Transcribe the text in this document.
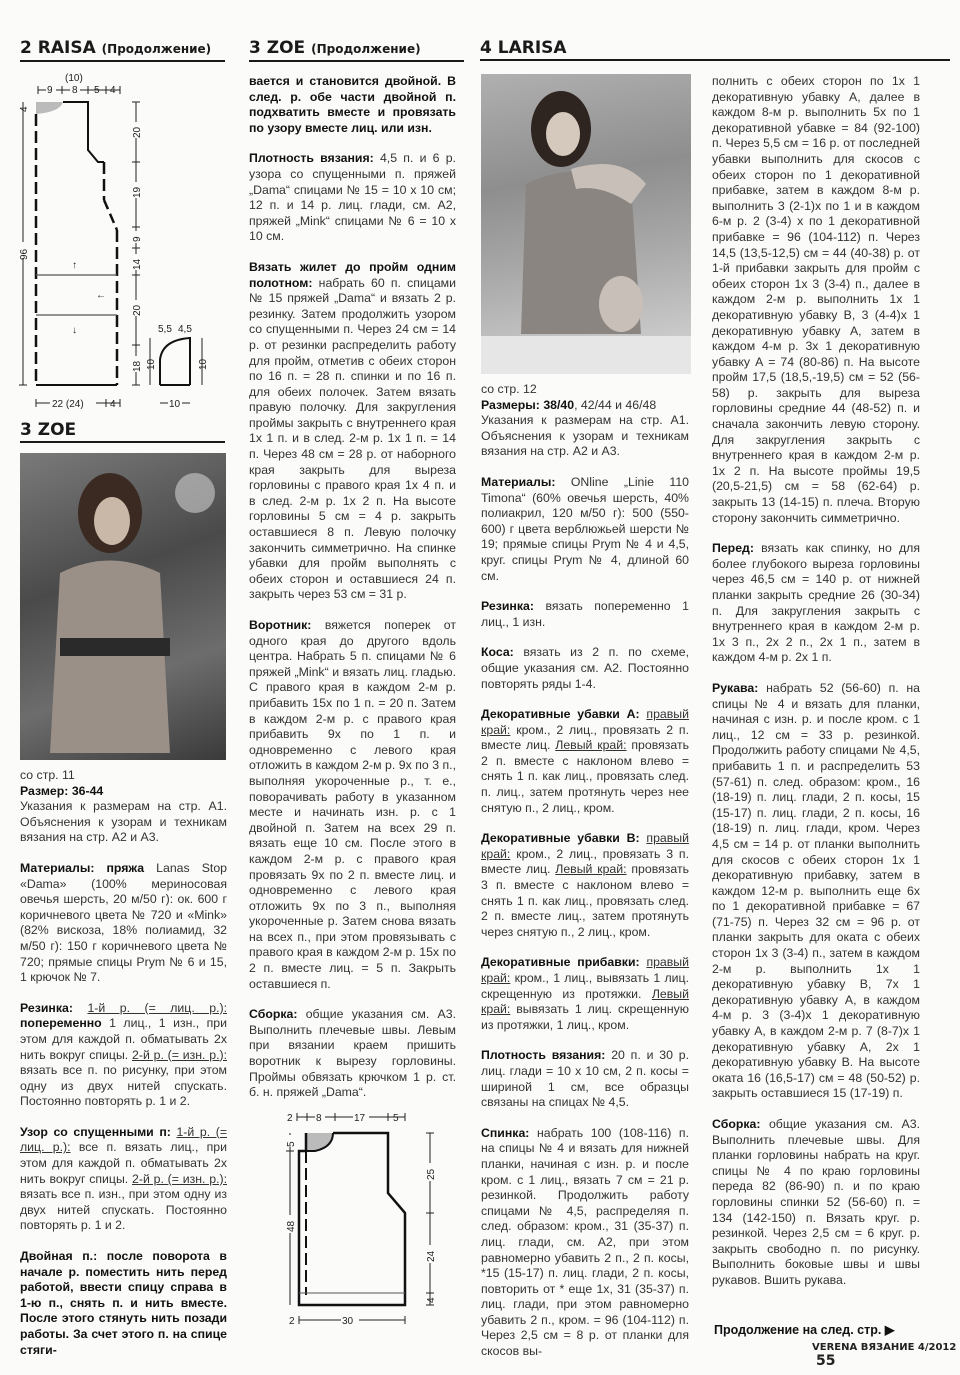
2 RAISA (Продолжение)	3 ZOE (Продолжение)	4 LARISA
3 ZOE
9 8 5 4
(10)
↑
←
↓
4
96
20
19
9
14
20
18
22 (24)	4
5,5 4,5
10	10
10
со стр. 11
Размер: 36-44

Указания к размерам на стр. А1. Объяснения к узорам и техникам вязания на стр. А2 и А3.

Материалы: пряжа Lanas Stop «Dama» (100% мериносовая овечья шерсть, 20 м/50 г): ок. 600 г коричневого цвета № 720 и «Mink» (82% вискоза, 18% полиамид, 32 м/50 г): 150 г коричневого цвета № 720; прямые спицы Prym № 6 и 15, 1 крючок № 7.

Резинка: 1-й р. (= лиц. р.): попеременно 1 лиц., 1 изн., при этом для каждой п. обматывать 2х нить вокруг спицы. 2-й р. (= изн. р.): вязать все п. по рисунку, при этом одну из двух нитей спускать. Постоянно повторять р. 1 и 2.

Узор со спущенными п: 1-й р. (= лиц. р.): все п. вязать лиц., при этом для каждой п. обматывать 2х нить вокруг спицы. 2-й р. (= изн. р.): вязать все п. изн., при этом одну из двух нитей спускать. Постоянно повторять р. 1 и 2.

Двойная п.: после поворота в начале р. поместить нить перед работой, ввести спицу справа в 1-ю п., снять п. и нить вместе. После этого стянуть нить позади работы. За счет этого п. на спице стяги-

вается и становится двойной. В след. р. обе части двойной п. подхватить вместе и провязать по узору вместе лиц. или изн.

Плотность вязания: 4,5 п. и 6 р. узора со спущенными п. пряжей „Dama“ спицами № 15 = 10 х 10 см; 12 п. и 14 р. лиц. глади, см. А2, пряжей „Mink“ спицами № 6 = 10 х 10 см.

Вязать жилет до пройм одним полотном: набрать 60 п. спицами № 15 пряжей „Dama“ и вязать 2 р. резинку. Затем продолжить узором со спущенными п. Через 24 см = 14 р. от резинки распределить работу для пройм, отметив с обеих сторон по 16 п. = 28 п. спинки и по 16 п. для обеих полочек. Затем вязать правую полочку. Для закругления проймы закрыть с внутреннего края 1х 1 п. и в след. 2-м р. 1х 1 п. = 14 п. Через 48 см = 28 р. от наборного края закрыть для выреза горловины с правого края 1х 4 п. и в след. 2-м р. 1х 2 п. На высоте горловины 5 см = 4 р. закрыть оставшиеся 8 п. Левую полочку закончить симметрично. На спинке убавки для пройм выполнять с обеих сторон и оставшиеся 24 п. закрыть через 53 см = 31 р.

Воротник: вяжется поперек от одного края до другого вдоль центра. Набрать 5 п. спицами № 6 пряжей „Mink“ и вязать лиц. гладью. С правого края в каждом 2-м р. прибавить 15х по 1 п. = 20 п. Затем в каждом 2-м р. с правого края прибавить 9х по 1 п. и одновременно с левого края отложить в каждом 2-м р. 9х по 3 п., выполняя укороченные р., т. е., поворачивать работу в указанном месте и начинать изн. р. с 1 двойной п. Затем на всех 29 п. вязать еще 10 см. После этого в каждом 2-м р. с правого края провязать 9х по 2 п. вместе лиц. и одновременно с левого края отложить 9х по 3 п., выполняя укороченные р. Затем снова вязать на всех п., при этом провязывать с правого края в каждом 2-м р. 15х по 2 п. вместе лиц. = 5 п. Закрыть оставшиеся п.

Сборка: общие указания см. А3. Выполнить плечевые швы. Левым при вязании краем пришить воротник к вырезу горловины. Проймы обвязать крючком 1 р. ст. б. н. пряжей „Dama“.

2 8	17	5
5
48
25
24
4
2	30
со стр. 12
Размеры: 38/40, 42/44 и 46/48

Указания к размерам на стр. А1. Объяснения к узорам и техникам вязания на стр. А2 и А3.

Материалы: ONline „Linie 110 Timona“ (60% овечья шерсть, 40% полиакрил, 120 м/50 г): 500 (550-600) г цвета верблюжьей шерсти № 19; прямые спицы Prym № 4 и 4,5, круг. спицы Prym № 4, длиной 60 см.

Резинка: вязать попеременно 1 лиц., 1 изн.

Коса: вязать из 2 п. по схеме, общие указания см. А2. Постоянно повторять ряды 1-4.

Декоративные убавки A: правый край: кром., 2 лиц., провязать 2 п. вместе лиц. Левый край: провязать 2 п. вместе с наклоном влево = снять 1 п. как лиц., провязать след. п. лиц., затем протянуть через нее снятую п., 2 лиц., кром.

Декоративные убавки B: правый край: кром., 2 лиц., провязать 3 п. вместе лиц. Левый край: провязать 3 п. вместе с наклоном влево = снять 1 п. как лиц., провязать след. 2 п. вместе лиц., затем протянуть через снятую п., 2 лиц., кром.

Декоративные прибавки: правый край: кром., 1 лиц., вывязать 1 лиц. скрещенную из протяжки. Левый край: вывязать 1 лиц. скрещенную из протяжки, 1 лиц., кром.

Плотность вязания: 20 п. и 30 р. лиц. глади = 10 х 10 см, 2 п. косы = шириной 1 см, все образцы связаны на спицах № 4,5.

Спинка: набрать 100 (108-116) п. на спицы № 4 и вязать для нижней планки, начиная с изн. р. и после кром. с 1 лиц., вязать 7 см = 21 р. резинкой. Продолжить работу спицами № 4,5, распределяя п. след. образом: кром., 31 (35-37) п. лиц. глади, см. А2, при этом равномерно убавить 2 п., 2 п. косы, *15 (15-17) п. лиц. глади, 2 п. косы, повторить от * еще 1х, 31 (35-37) п. лиц. глади, при этом равномерно убавить 2 п., кром. = 96 (104-112) п. Через 2,5 см = 8 р. от планки для скосов вы-

полнить с обеих сторон по 1х 1 декоративную убавку А, далее в каждом 8-м р. выполнить 5х по 1 декоративной убавке = 84 (92-100) п. Через 5,5 см = 16 р. от последней убавки выполнить для скосов с обеих сторон по 1 декоративной прибавке, затем в каждом 8-м р. выполнить 3 (2-1)х по 1 и в каждом 6-м р. 2 (3-4) х по 1 декоративной прибавке = 96 (104-112) п. Через 14,5 (13,5-12,5) см = 44 (40-38) р. от 1-й прибавки закрыть для пройм с обеих сторон 1х 3 (3-4) п., далее в каждом 2-м р. выполнить 1х 1 декоративную убавку В, 3 (4-4)х 1 декоративную убавку А, затем в каждом 4-м р. 3х 1 декоративную убавку А = 74 (80-86) п. На высоте пройм 17,5 (18,5,-19,5) см = 52 (56-58) р. закрыть для выреза горловины средние 44 (48-52) п. и сначала закончить левую сторону. Для закругления закрыть с внутреннего края в каждом 2-м р. 1х 2 п. На высоте проймы 19,5 (20,5-21,5) см = 58 (62-64) р. закрыть 13 (14-15) п. плеча. Вторую сторону закончить симметрично.

Перед: вязать как спинку, но для более глубокого выреза горловины через 46,5 см = 140 р. от нижней планки закрыть средние 26 (30-34) п. Для закругления закрыть с внутреннего края в каждом 2-м р. 1х 3 п., 2х 2 п., 2х 1 п., затем в каждом 4-м р. 2х 1 п.

Рукава: набрать 52 (56-60) п. на спицы № 4 и вязать для планки, начиная с изн. р. и после кром. с 1 лиц., 12 см = 33 р. резинкой. Продолжить работу спицами № 4,5, прибавить 1 п. и распределить 53 (57-61) п. след. образом: кром., 16 (18-19) п. лиц. глади, 2 п. косы, 15 (15-17) п. лиц. глади, 2 п. косы, 16 (18-19) п. лиц. глади, кром. Через 4,5 см = 14 р. от планки выполнить для скосов с обеих сторон 1х 1 декоративную прибавку, затем в каждом 12-м р. выполнить еще 6х по 1 декоративной прибавке = 67 (71-75) п. Через 32 см = 96 р. от планки закрыть для оката с обеих сторон 1х 3 (3-4) п., затем в каждом 2-м р. выполнить 1х 1 декоративную убавку В, 7х 1 декоративную убавку А, в каждом 4-м р. 3 (3-4)х 1 декоративную убавку А, в каждом 2-м р. 7 (8-7)х 1 декоративную убавку А, 2х 1 декоративную убавку В. На высоте оката 16 (16,5-17) см = 48 (50-52) р. закрыть оставшиеся 15 (17-19) п.

Сборка: общие указания см. А3. Выполнить плечевые швы. Для планки горловины набрать на круг. спицы № 4 по краю горловины переда 82 (86-90) п. и по краю горловины спинки 52 (56-60) п. = 134 (142-150) п. Вязать круг. р. резинкой. Через 2,5 см = 6 круг. р. закрыть свободно п. по рисунку. Выполнить боковые швы и швы рукавов. Вшить рукава.

Продолжение на след. стр. ▶
VERENA ВЯЗАНИЕ 4/2012 55
